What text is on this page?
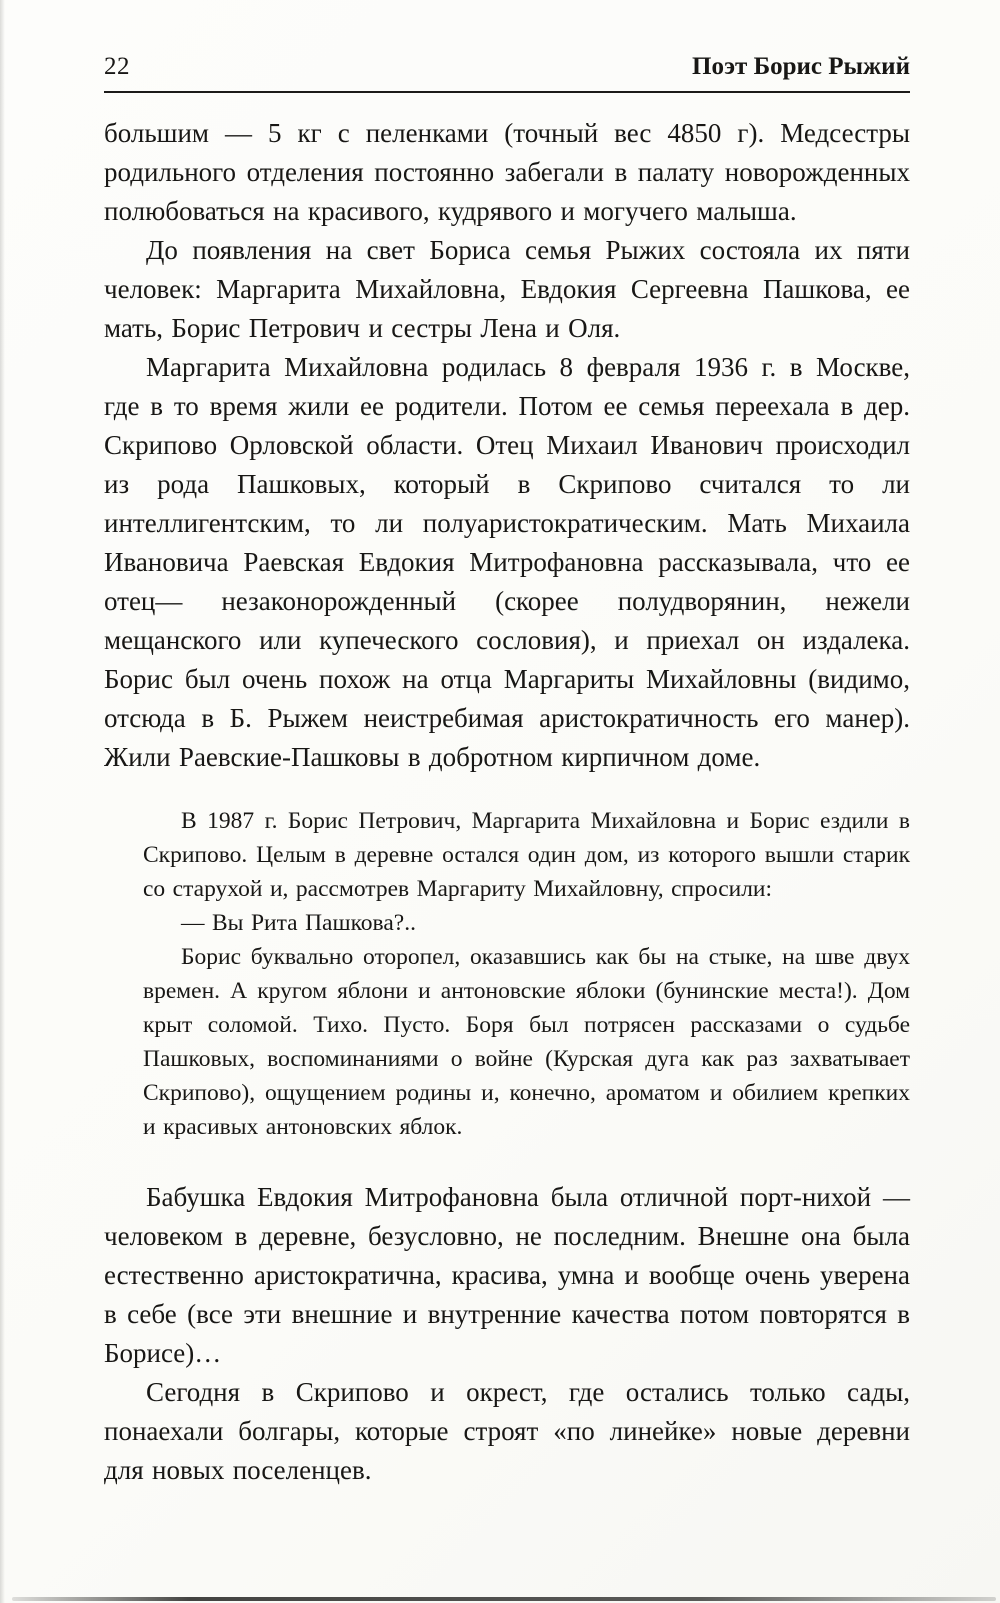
22	Поэт Борис Рыжий

большим — 5 кг с пеленками (точный вес 4850 г). Медсестры родильного отделения постоянно забегали в палату новорожденных полюбоваться на красивого, кудрявого и могучего малыша.

До появления на свет Бориса семья Рыжих состояла их пяти человек: Маргарита Михайловна, Евдокия Сергеевна Пашкова, ее мать, Борис Петрович и сестры Лена и Оля.

Маргарита Михайловна родилась 8 февраля 1936 г. в Москве, где в то время жили ее родители. Потом ее семья переехала в дер. Скрипово Орловской области. Отец Михаил Иванович происходил из рода Пашковых, который в Скрипово считался то ли интеллигентским, то ли полуаристократическим. Мать Михаила Ивановича Раевская Евдокия Митрофановна рассказывала, что ее отец— незаконорожденный (скорее полудворянин, нежели мещанского или купеческого сословия), и приехал он издалека. Борис был очень похож на отца Маргариты Михайловны (видимо, отсюда в Б. Рыжем неистребимая аристократичность его манер). Жили Раевские-Пашковы в добротном кирпичном доме.

В 1987 г. Борис Петрович, Маргарита Михайловна и Борис ездили в Скрипово. Целым в деревне остался один дом, из которого вышли старик со старухой и, рассмотрев Маргариту Михайловну, спросили:

— Вы Рита Пашкова?..

Борис буквально оторопел, оказавшись как бы на стыке, на шве двух времен. А кругом яблони и антоновские яблоки (бунинские места!). Дом крыт соломой. Тихо. Пусто. Боря был потрясен рассказами о судьбе Пашковых, воспоминаниями о войне (Курская дуга как раз захватывает Скрипово), ощущением родины и, конечно, ароматом и обилием крепких и красивых антоновских яблок.

Бабушка Евдокия Митрофановна была отличной порт-нихой — человеком в деревне, безусловно, не последним. Внешне она была естественно аристократична, красива, умна и вообще очень уверена в себе (все эти внешние и внутренние качества потом повторятся в Борисе)…

Сегодня в Скрипово и окрест, где остались только сады, понаехали болгары, которые строят «по линейке» новые деревни для новых поселенцев.
